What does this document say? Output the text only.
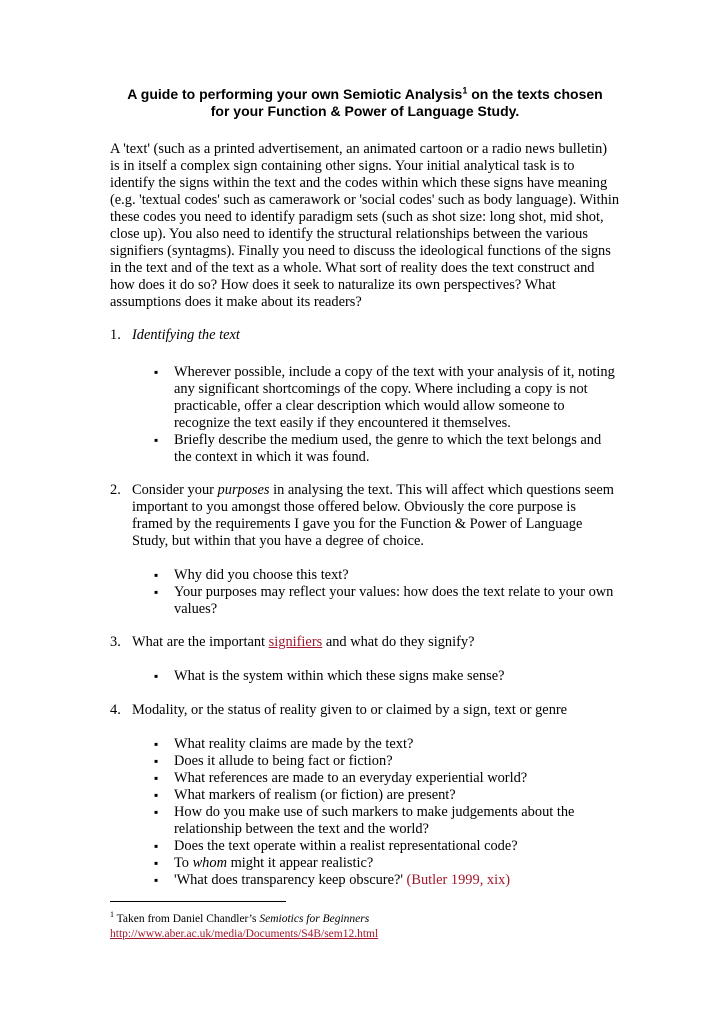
A guide to performing your own Semiotic Analysis$^1$ on the texts chosen
for your Function & Power of Language Study.

A 'text' (such as a printed advertisement, an animated cartoon or a radio news bulletin) is in itself a complex sign containing other signs. Your initial analytical task is to identify the signs within the text and the codes within which these signs have meaning (e.g. 'textual codes' such as camerawork or 'social codes' such as body language). Within these codes you need to identify paradigm sets (such as shot size: long shot, mid shot, close up). You also need to identify the structural relationships between the various signifiers (syntagms). Finally you need to discuss the ideological functions of the signs in the text and of the text as a whole. What sort of reality does the text construct and how does it do so? How does it seek to naturalize its own perspectives? What assumptions does it make about its readers?

1. Identifying the text
▪ Wherever possible, include a copy of the text with your analysis of it, noting any significant shortcomings of the copy. Where including a copy is not practicable, offer a clear description which would allow someone to recognize the text easily if they encountered it themselves.
▪ Briefly describe the medium used, the genre to which the text belongs and the context in which it was found.
2. Consider your purposes in analysing the text. This will affect which questions seem important to you amongst those offered below. Obviously the core purpose is framed by the requirements I gave you for the Function & Power of Language Study, but within that you have a degree of choice.
▪ Why did you choose this text?
▪ Your purposes may reflect your values: how does the text relate to your own values?
3. What are the important signifiers and what do they signify?
▪ What is the system within which these signs make sense?
4. Modality, or the status of reality given to or claimed by a sign, text or genre
▪ What reality claims are made by the text?
▪ Does it allude to being fact or fiction?
▪ What references are made to an everyday experiential world?
▪ What markers of realism (or fiction) are present?
▪ How do you make use of such markers to make judgements about the relationship between the text and the world?
▪ Does the text operate within a realist representational code?
▪ To whom might it appear realistic?
▪ 'What does transparency keep obscure?' (Butler 1999, xix)
$^1$ Taken from Daniel Chandler’s Semiotics for Beginners
http://www.aber.ac.uk/media/Documents/S4B/sem12.html
